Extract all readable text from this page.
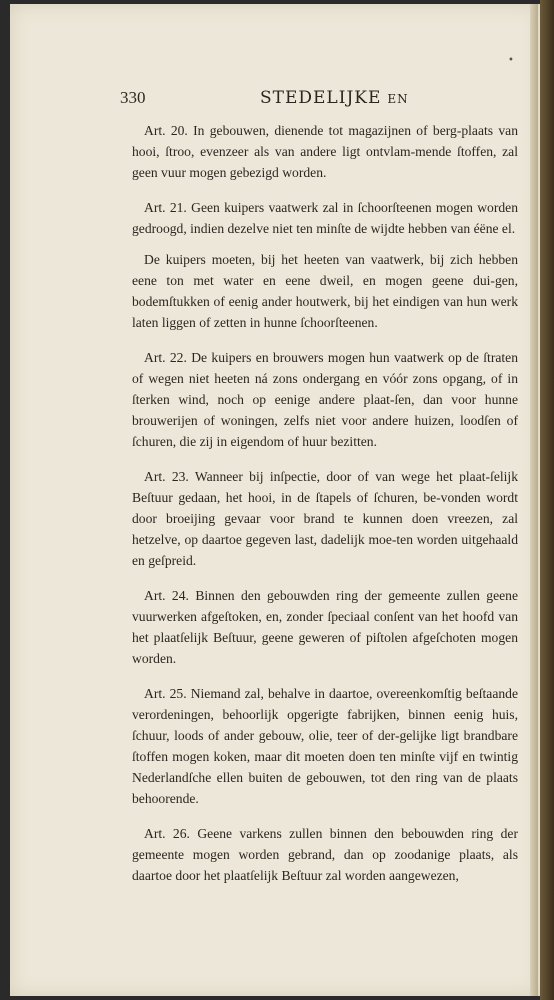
•
330	STEDELIJKE EN

Art. 20. In gebouwen, dienende tot magazijnen of berg-plaats van hooi, ſtroo, evenzeer als van andere ligt ontvlam-mende ſtoffen, zal geen vuur mogen gebezigd worden.

Art. 21. Geen kuipers vaatwerk zal in ſchoorſteenen mogen worden gedroogd, indien dezelve niet ten minſte de wijdte hebben van éëne el.

De kuipers moeten, bij het heeten van vaatwerk, bij zich hebben eene ton met water en eene dweil, en mogen geene dui-gen, bodemſtukken of eenig ander houtwerk, bij het eindigen van hun werk laten liggen of zetten in hunne ſchoorſteenen.

Art. 22. De kuipers en brouwers mogen hun vaatwerk op de ſtraten of wegen niet heeten ná zons ondergang en vóór zons opgang, of in ſterken wind, noch op eenige andere plaat-ſen, dan voor hunne brouwerijen of woningen, zelfs niet voor andere huizen, loodſen of ſchuren, die zij in eigendom of huur bezitten.

Art. 23. Wanneer bij inſpectie, door of van wege het plaat-ſelijk Beſtuur gedaan, het hooi, in de ſtapels of ſchuren, be-vonden wordt door broeijing gevaar voor brand te kunnen doen vreezen, zal hetzelve, op daartoe gegeven last, dadelijk moe-ten worden uitgehaald en geſpreid.

Art. 24. Binnen den gebouwden ring der gemeente zullen geene vuurwerken afgeſtoken, en, zonder ſpeciaal conſent van het hoofd van het plaatſelijk Beſtuur, geene geweren of piſtolen afgeſchoten mogen worden.

Art. 25. Niemand zal, behalve in daartoe, overeenkomſtig beſtaande verordeningen, behoorlijk opgerigte fabrijken, binnen eenig huis, ſchuur, loods of ander gebouw, olie, teer of der-gelijke ligt brandbare ſtoffen mogen koken, maar dit moeten doen ten minſte vijf en twintig Nederlandſche ellen buiten de gebouwen, tot den ring van de plaats behoorende.

Art. 26. Geene varkens zullen binnen den bebouwden ring der gemeente mogen worden gebrand, dan op zoodanige plaats, als daartoe door het plaatſelijk Beſtuur zal worden aangewezen,
